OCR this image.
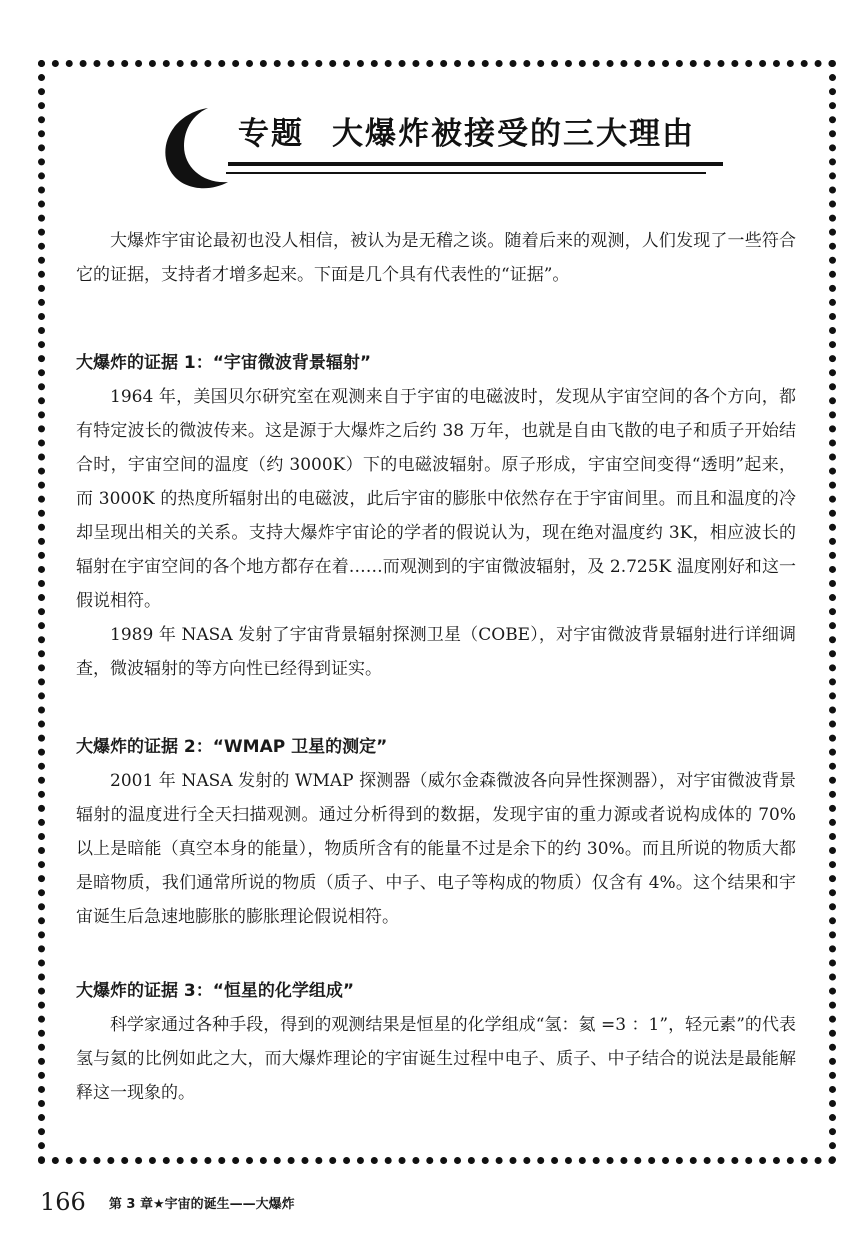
专题 大爆炸被接受的三大理由

大爆炸宇宙论最初也没人相信，被认为是无稽之谈。随着后来的观测，人们发现了一些符合它的证据，支持者才增多起来。下面是几个具有代表性的“证据”。

大爆炸的证据 1：“宇宙微波背景辐射”

1964 年，美国贝尔研究室在观测来自于宇宙的电磁波时，发现从宇宙空间的各个方向，都有特定波长的微波传来。这是源于大爆炸之后约 38 万年，也就是自由飞散的电子和质子开始结合时，宇宙空间的温度（约 3000K）下的电磁波辐射。原子形成，宇宙空间变得“透明”起来，而 3000K 的热度所辐射出的电磁波，此后宇宙的膨胀中依然存在于宇宙间里。而且和温度的冷却呈现出相关的关系。支持大爆炸宇宙论的学者的假说认为，现在绝对温度约 3K，相应波长的辐射在宇宙空间的各个地方都存在着……而观测到的宇宙微波辐射，及 2.725K 温度刚好和这一假说相符。

1989 年 NASA 发射了宇宙背景辐射探测卫星（COBE），对宇宙微波背景辐射进行详细调查，微波辐射的等方向性已经得到证实。

大爆炸的证据 2：“WMAP 卫星的测定”

2001 年 NASA 发射的 WMAP 探测器（威尔金森微波各向异性探测器），对宇宙微波背景辐射的温度进行全天扫描观测。通过分析得到的数据，发现宇宙的重力源或者说构成体的 70% 以上是暗能（真空本身的能量），物质所含有的能量不过是余下的约 30%。而且所说的物质大都是暗物质，我们通常所说的物质（质子、中子、电子等构成的物质）仅含有 4%。这个结果和宇宙诞生后急速地膨胀的膨胀理论假说相符。

大爆炸的证据 3：“恒星的化学组成”

科学家通过各种手段，得到的观测结果是恒星的化学组成“氢：氦 =3 ：1”，轻元素”的代表氢与氦的比例如此之大，而大爆炸理论的宇宙诞生过程中电子、质子、中子结合的说法是最能解释这一现象的。

166 第 3 章★宇宙的诞生——大爆炸
